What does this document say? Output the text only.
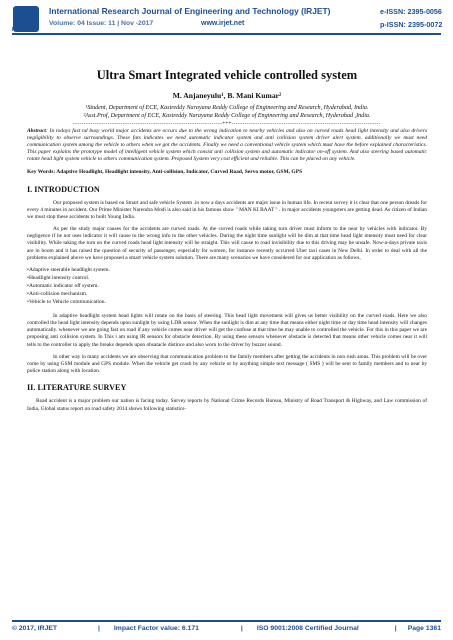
IRJET
International Research Journal of Engineering and Technology (IRJET)
Volume: 04 Issue: 11 | Nov -2017	www.irjet.net
e-ISSN: 2395-0056
p-ISSN: 2395-0072
Ultra Smart Integrated vehicle controlled system
M. Anjaneyulu¹, B. Mani Kumar²
¹Student, Department of ECE, Kasireddy Narayana Reddy College of Engineering and Research, Hyderabad, India.
²Asst.Prof, Department of ECE, Kasireddy Narayana Reddy College of Engineering and Research, Hyderabad ,India.
---------------------------------------------------------------------***---------------------------------------------------------------------

Abstract: In todays fast nd busy world major accidents are occurs due to the wrong indication to nearby vehicles and also on curved roads head light intensity and also drivers negligibility to observe surroundings. These fats indicates we need automatic indicator system and anti collision system driver alert system. additionally we must need communication system among the vehicle to others when we got the accidents. Finally we need a conventional vehicle system which must have the before explained characteristics. This paper explains the prototype model of intelligent vehicle system which consist anti collision system and automatic indicator on-off system. And also steering based automatic rotate head light system vehicle to others communication system. Proposed System very cost efficient and reliable. This can be placed on any vehicle.

Key Words: Adaptive Headlight, Headlight intensity, Anti-collision, Indicator, Curved Road, Servo motor, GSM, GPS
I. INTRODUCTION

Our proposed system is based on Smart and safe vehicle System .in now a days accidents are major issue in human life. In recent survey it is clear that one person dreads for every 4 minutes in accident. Our Prime Minister Narendra Modi is also said in his famous show " MAN KI BAAT " . in major accidents youngsters are getting dead. As citizen of Indian we must stop these accidents to built Young India.

As per the study major causes for the accidents are curved roads. At the curved roads while taking turn driver must inform to the near by vehicles with indicator. By negligence if he not uses indicator it will cause to the wrong info to the other vehicles. During the night time sunlight will be dim at that time head light intensity must need for clear visibility. While taking the turn on the curved roads head light intensity will be straight. This will cause to road invisibility due to this driving may be unsafe. Now-a-days private taxis are in boom and it has raised the question of security of passenger, especially for women, for instance recently occurred Uber taxi cases in New Delhi. In order to deal with all the problems explained above we have proposed a smart vehicle system solution. There are many scenarios we have considered for our application as follows,

• Adaptive steerable headlight system.
• Headlight intensity control.
• Automatic indicator off system.
• Anti-collision mechanism.
• Vehicle to Vehicle communication.

In adaptive headlight system head lights will rotate on the basis of steering. This head light movement will gives us better visibility on the curved roads. Here we also controlled the head light intensity depends upon sunlight by using LDR sensor. When the sunlight is dim at any time that means either night time or day time head intensity will changes automatically. whenever we are going fast on road if any vehicle comes near driver will get the confuse at that time he may unable to controlled the vehicle. For this in this paper we are proposing anti collision system. In This i am using IR sensors for obstacle detection. By using these sensors whenever obstacle is detected that means other vehicle comes near it will tells to the controller to apply the breaks depends upon obsatacle distince and also worn to the driver by buzzer sound.

In other way in many accidents we are observing that communication problem to the family members after getting the accidents in non rush areas. This problem will be over come by using GSM module and GPS module. When the vehicle get crash by any vehicle or by anything simple text message ( SMS ) will be sent to family members and to near by police station along with location.

II. LITERATURE SURVEY

Road accident is a major problem our nation is facing today. Survey reports by National Crime Records Bureau, Ministry of Road Transport & Highway, and Law commission of India, Global status report on road safety 2014 shows following statistics-

© 2017, IRJET	|	Impact Factor value: 6.171	|	ISO 9001:2008 Certified Journal	|	Page 1361
